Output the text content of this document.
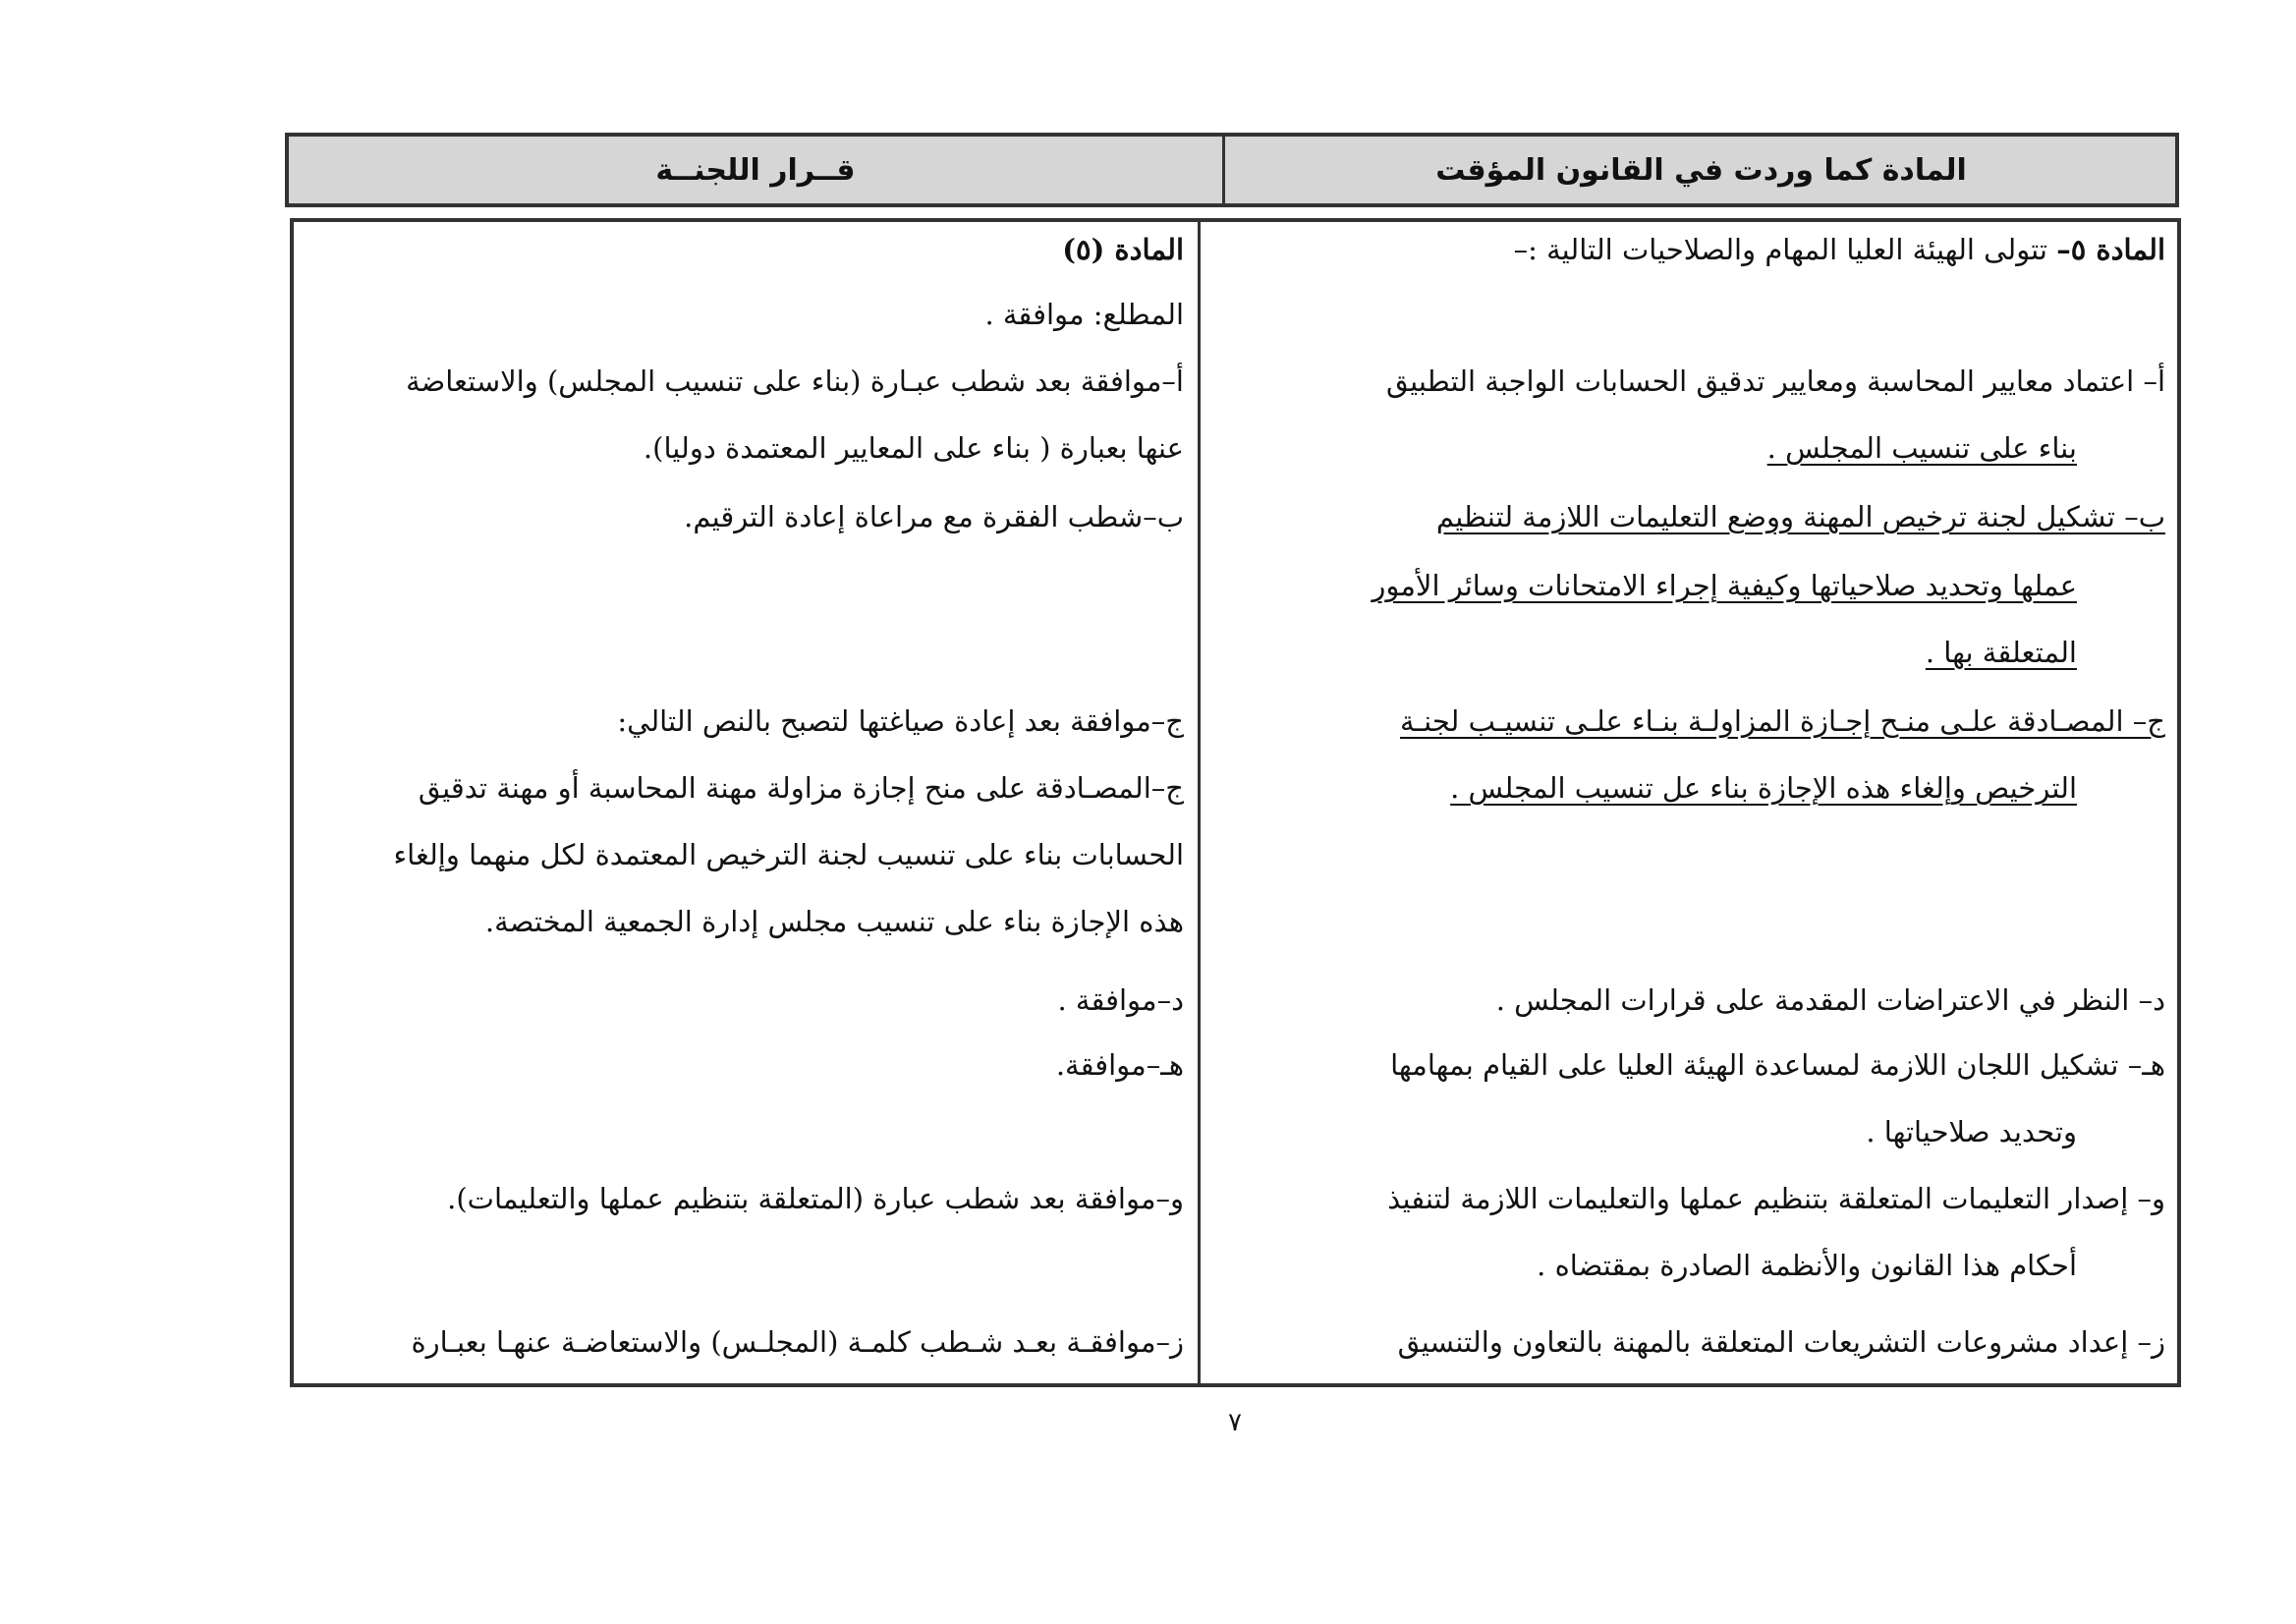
المادة كما وردت في القانون المؤقت
قــرار اللجنــة
المادة ٥– تتولى الهيئة العليا المهام والصلاحيات التالية :–
أ– اعتماد معايير المحاسبة ومعايير تدقيق الحسابات الواجبة التطبيق
بناء على تنسيب المجلس .
ب– تشكيل لجنة ترخيص المهنة ووضع التعليمات اللازمة لتنظيم
عملها وتحديد صلاحياتها وكيفية إجراء الامتحانات وسائر الأمور
المتعلقة بها .
ج– المصـادقة علـى منـح إجـازة المزاولـة بنـاء علـى تنسيـب لجنـة
الترخيص وإلغاء هذه الإجازة بناء عل تنسيب المجلس .
د– النظر في الاعتراضات المقدمة على قرارات المجلس .
هـ– تشكيل اللجان اللازمة لمساعدة الهيئة العليا على القيام بمهامها
وتحديد صلاحياتها .
و– إصدار التعليمات المتعلقة بتنظيم عملها والتعليمات اللازمة لتنفيذ
أحكام هذا القانون والأنظمة الصادرة بمقتضاه .
ز– إعداد مشروعات التشريعات المتعلقة بالمهنة بالتعاون والتنسيق
المادة (٥)
المطلع: موافقة .
أ–موافقة بعد شطب عبـارة (بناء على تنسيب المجلس) والاستعاضة
عنها بعبارة ( بناء على المعايير المعتمدة دوليا).
ب–شطب الفقرة مع مراعاة إعادة الترقيم.
ج–موافقة بعد إعادة صياغتها لتصبح بالنص التالي:
ج–المصـادقة على منح إجازة مزاولة مهنة المحاسبة أو مهنة تدقيق
الحسابات بناء على تنسيب لجنة الترخيص المعتمدة لكل منهما وإلغاء
هذه الإجازة بناء على تنسيب مجلس إدارة الجمعية المختصة.
د–موافقة .
هـ–موافقة.
و–موافقة بعد شطب عبارة (المتعلقة بتنظيم عملها والتعليمات).
ز–موافقـة بعـد شـطب كلمـة (المجلـس) والاستعاضـة عنهـا بعبـارة
٧
